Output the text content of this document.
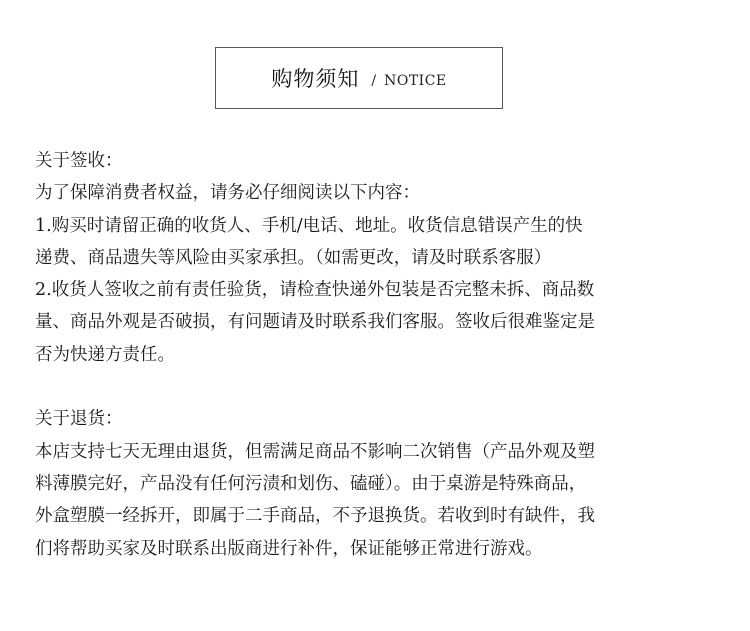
购物须知 / NOTICE

关于签收：

为了保障消费者权益，请务必仔细阅读以下内容：

1.购买时请留正确的收货人、手机/电话、地址。收货信息错误产生的快

递费、商品遗失等风险由买家承担。（如需更改，请及时联系客服）

2.收货人签收之前有责任验货，请检查快递外包装是否完整未拆、商品数

量、商品外观是否破损，有问题请及时联系我们客服。签收后很难鉴定是

否为快递方责任。

关于退货：

本店支持七天无理由退货，但需满足商品不影响二次销售（产品外观及塑

料薄膜完好，产品没有任何污渍和划伤、磕碰）。由于桌游是特殊商品，

外盒塑膜一经拆开，即属于二手商品，不予退换货。若收到时有缺件，我

们将帮助买家及时联系出版商进行补件，保证能够正常进行游戏。
